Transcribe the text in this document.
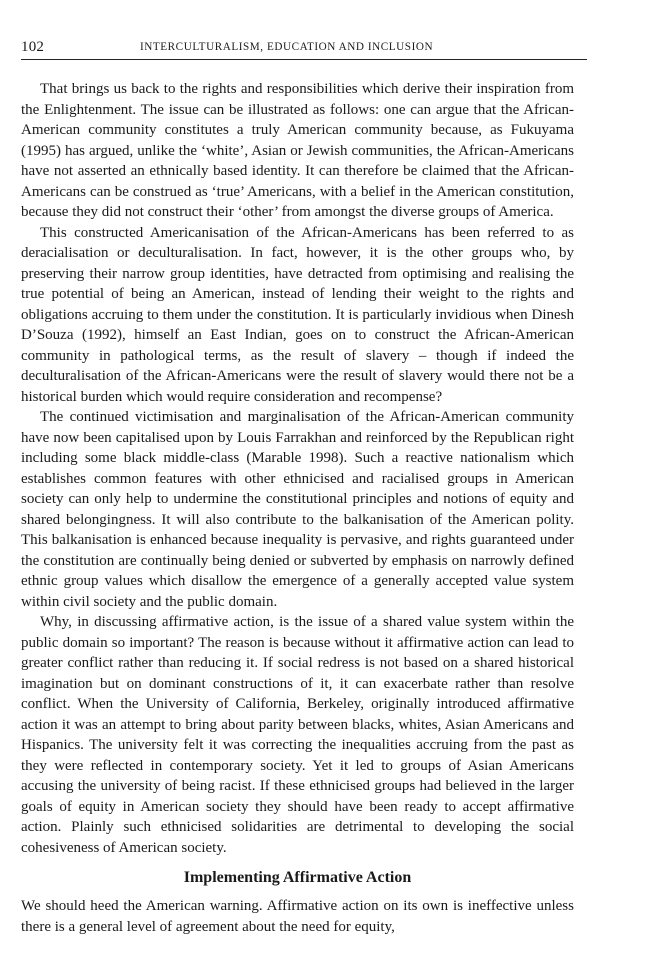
102	INTERCULTURALISM, EDUCATION AND INCLUSION

That brings us back to the rights and responsibilities which derive their inspiration from the Enlightenment. The issue can be illustrated as follows: one can argue that the African-American community constitutes a truly American community because, as Fukuyama (1995) has argued, unlike the ‘white’, Asian or Jewish communities, the African-Americans have not asserted an ethnically based identity. It can therefore be claimed that the African-Americans can be construed as ‘true’ Americans, with a belief in the American constitution, because they did not construct their ‘other’ from amongst the diverse groups of America.

This constructed Americanisation of the African-Americans has been referred to as deracialisation or deculturalisation. In fact, however, it is the other groups who, by preserving their narrow group identities, have detracted from optimising and realising the true potential of being an American, instead of lending their weight to the rights and obligations accruing to them under the constitution. It is particularly invidious when Dinesh D’Souza (1992), himself an East Indian, goes on to construct the African-American community in pathological terms, as the result of slavery – though if indeed the deculturalisation of the African-Americans were the result of slavery would there not be a historical burden which would require consideration and recompense?

The continued victimisation and marginalisation of the African-American community have now been capitalised upon by Louis Farrakhan and reinforced by the Republican right including some black middle-class (Marable 1998). Such a reactive nationalism which establishes common features with other ethnicised and racialised groups in American society can only help to undermine the constitutional principles and notions of equity and shared belongingness. It will also contribute to the balkanisation of the American polity. This balkanisation is enhanced because inequality is pervasive, and rights guaranteed under the constitution are continually being denied or subverted by emphasis on narrowly defined ethnic group values which disallow the emergence of a generally accepted value system within civil society and the public domain.

Why, in discussing affirmative action, is the issue of a shared value system within the public domain so important? The reason is because without it affirmative action can lead to greater conflict rather than reducing it. If social redress is not based on a shared historical imagination but on dominant constructions of it, it can exacerbate rather than resolve conflict. When the University of California, Berkeley, originally introduced affirmative action it was an attempt to bring about parity between blacks, whites, Asian Americans and Hispanics. The university felt it was correcting the inequalities accruing from the past as they were reflected in contemporary society. Yet it led to groups of Asian Americans accusing the university of being racist. If these ethnicised groups had believed in the larger goals of equity in American society they should have been ready to accept affirmative action. Plainly such ethnicised solidarities are detrimental to developing the social cohesiveness of American society.

Implementing Affirmative Action

We should heed the American warning. Affirmative action on its own is ineffective unless there is a general level of agreement about the need for equity,
